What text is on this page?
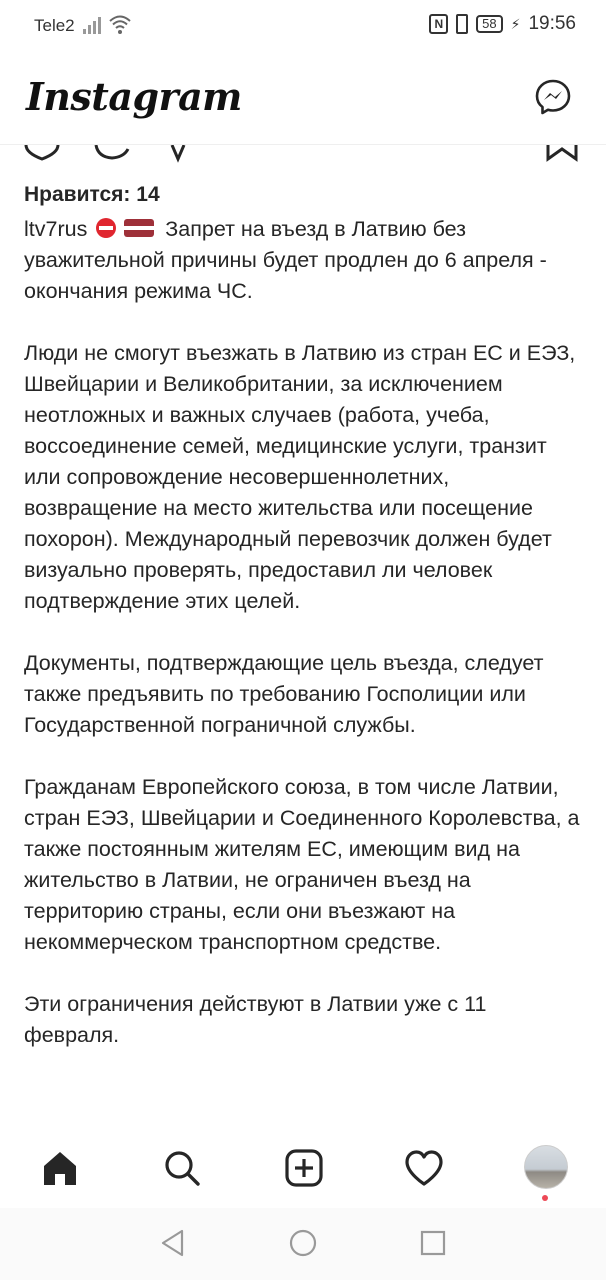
Tele2	N	58	⚡ 19:56
Instagram
Нравится: 14

ltv7rus	Запрет на въезд в Латвию без уважительной причины будет продлен до 6 апреля - окончания режима ЧС.

Люди не смогут въезжать в Латвию из стран ЕС и ЕЭЗ, Швейцарии и Великобритании, за исключением неотложных и важных случаев (работа, учеба, воссоединение семей, медицинские услуги, транзит или сопровождение несовершеннолетних, возвращение на место жительства или посещение похорон). Международный перевозчик должен будет визуально проверять, предоставил ли человек подтверждение этих целей.

Документы, подтверждающие цель въезда, следует также предъявить по требованию Госполиции или Государственной пограничной службы.

Гражданам Европейского союза, в том числе Латвии, стран ЕЭЗ, Швейцарии и Соединенного Королевства, а также постоянным жителям ЕС, имеющим вид на жительство в Латвии, не ограничен въезд на территорию страны, если они въезжают на некоммерческом транспортном средстве.

Эти ограничения действуют в Латвии уже с 11 февраля.
